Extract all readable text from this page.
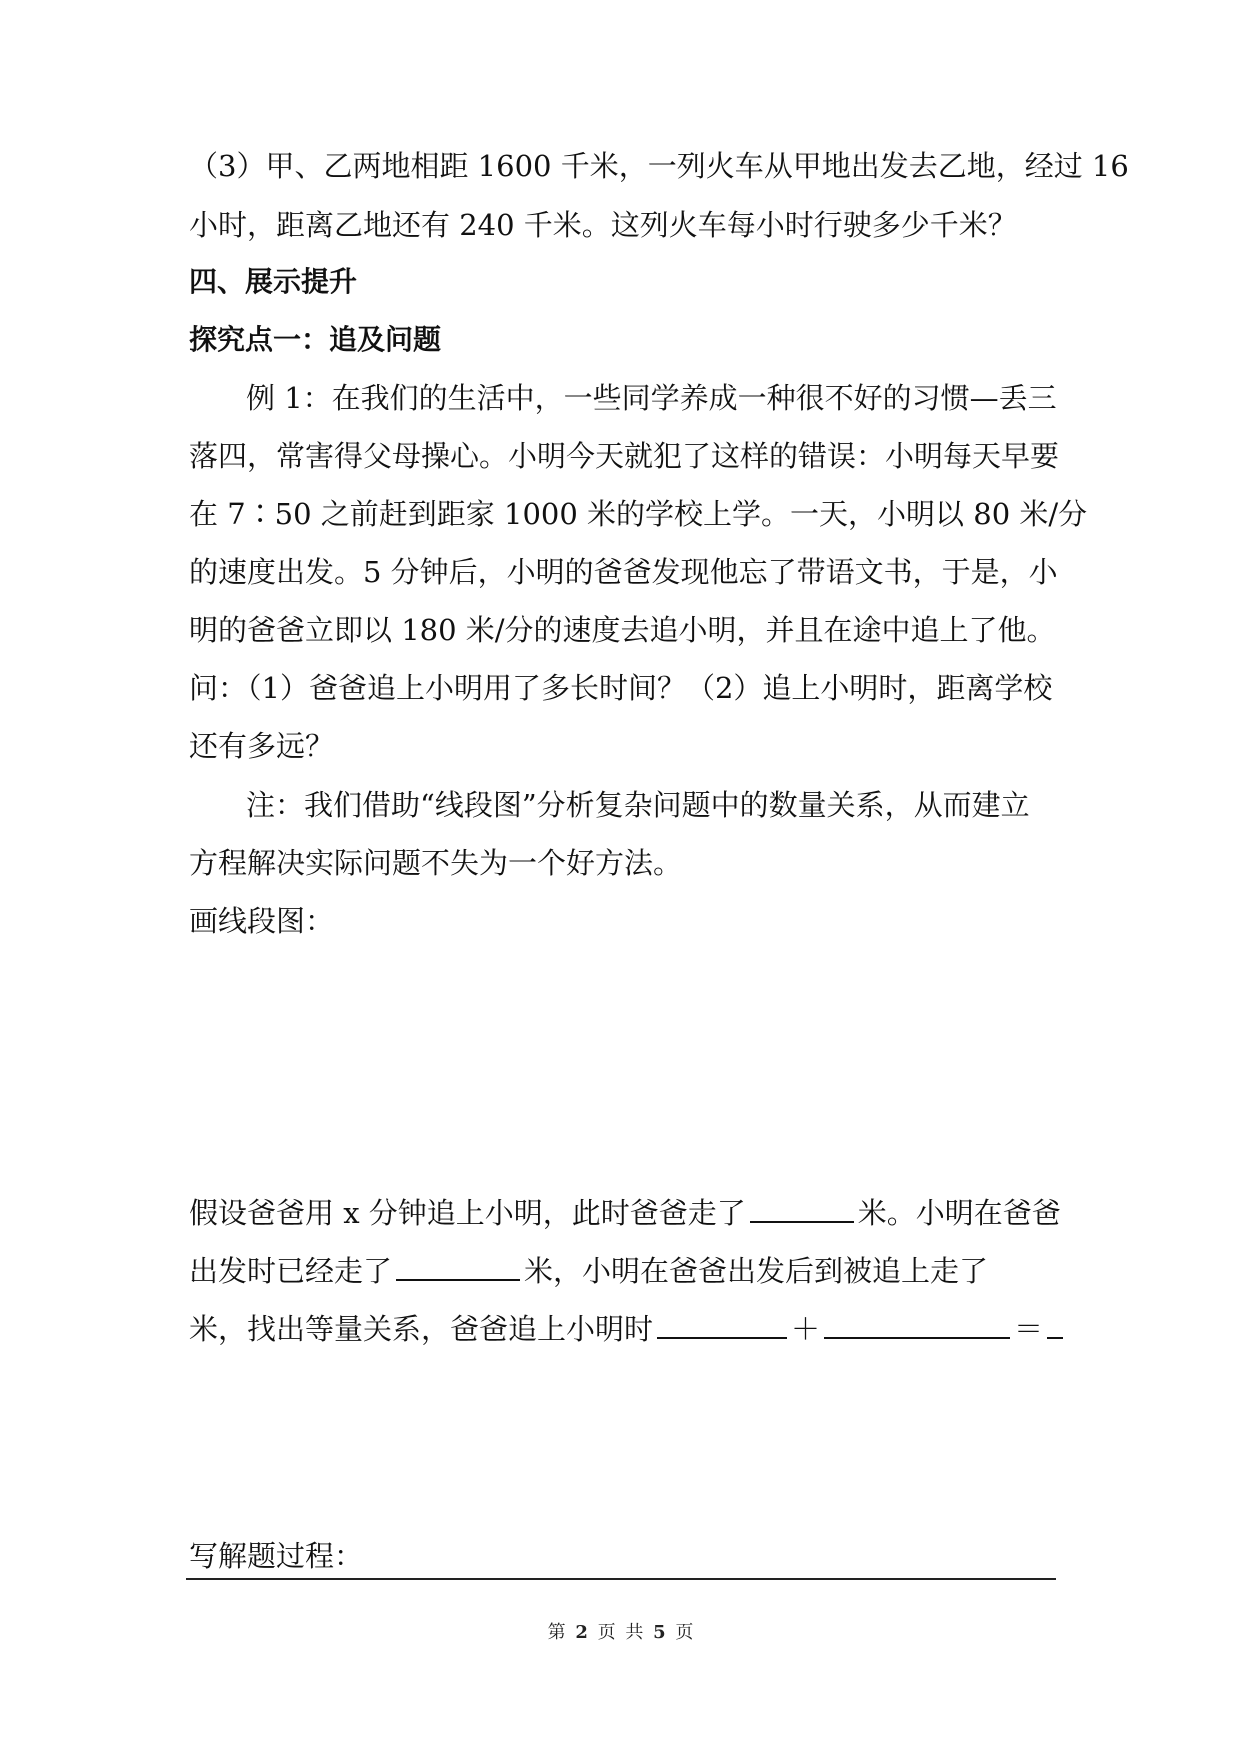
（3）甲、乙两地相距 1600 千米，一列火车从甲地出发去乙地，经过 16
小时，距离乙地还有 240 千米。这列火车每小时行驶多少千米？
四、展示提升
探究点一：追及问题
例 1：在我们的生活中，一些同学养成一种很不好的习惯—丢三
落四，常害得父母操心。小明今天就犯了这样的错误：小明每天早要
在 7∶50 之前赶到距家 1000 米的学校上学。一天，小明以 80 米/分
的速度出发。5 分钟后，小明的爸爸发现他忘了带语文书，于是，小
明的爸爸立即以 180 米/分的速度去追小明，并且在途中追上了他。
问：（1）爸爸追上小明用了多长时间？（2）追上小明时，距离学校
还有多远？
注：我们借助“线段图”分析复杂问题中的数量关系，从而建立
方程解决实际问题不失为一个好方法。
画线段图：
假设爸爸用 x 分钟追上小明，此时爸爸走了	米。小明在爸爸
出发时已经走了	米，小明在爸爸出发后到被追上走了
米，找出等量关系，爸爸追上小明时	＋	＝
写解题过程：
第 2 页 共 5 页
